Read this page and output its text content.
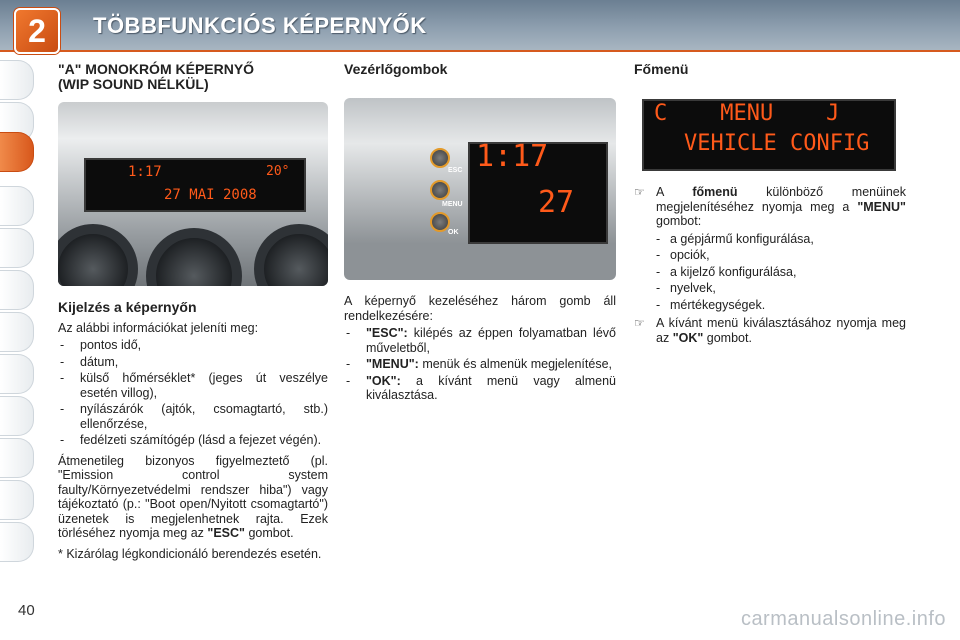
2	TÖBBFUNKCIÓS KÉPERNYŐK
40
"A" MONOKRÓM KÉPERNYŐ
(WIP SOUND NÉLKÜL)
1:17	20°
27 MAI 2008
Kijelzés a képernyőn

Az alábbi információkat jeleníti meg:

- pontos idő,
- dátum,
- külső hőmérséklet* (jeges út veszélye esetén villog),
- nyílászárók (ajtók, csomagtartó, stb.) ellenőrzése,
- fedélzeti számítógép (lásd a fejezet végén).

Átmenetileg bizonyos figyelmeztető (pl. "Emission control system faulty/Környezetvédelmi rendszer hiba") vagy tájékoztató (p.: "Boot open/Nyitott csomagtartó") üzenetek is megjelenhetnek rajta. Ezek törléséhez nyomja meg az "ESC" gombot.

* Kizárólag légkondicionáló berendezés esetén.

Vezérlőgombok
1:17
27
ESC
MENU
OK

A képernyő kezeléséhez három gomb áll rendelkezésére:

- "ESC": kilépés az éppen folyamatban lévő műveletből,
- "MENU": menük és almenük megjelenítése,
- "OK": a kívánt menü vagy almenü kiválasztása.
Főmenü
C    MENU    J
VEHICLE CONFIG
☞ A főmenü különböző menüinek megjelenítéséhez nyomja meg a "MENU" gombot:
- a gépjármű konfigurálása,
- opciók,
- a kijelző konfigurálása,
- nyelvek,
- mértékegységek.
☞ A kívánt menü kiválasztásához nyomja meg az "OK" gombot.
carmanualsonline.info
